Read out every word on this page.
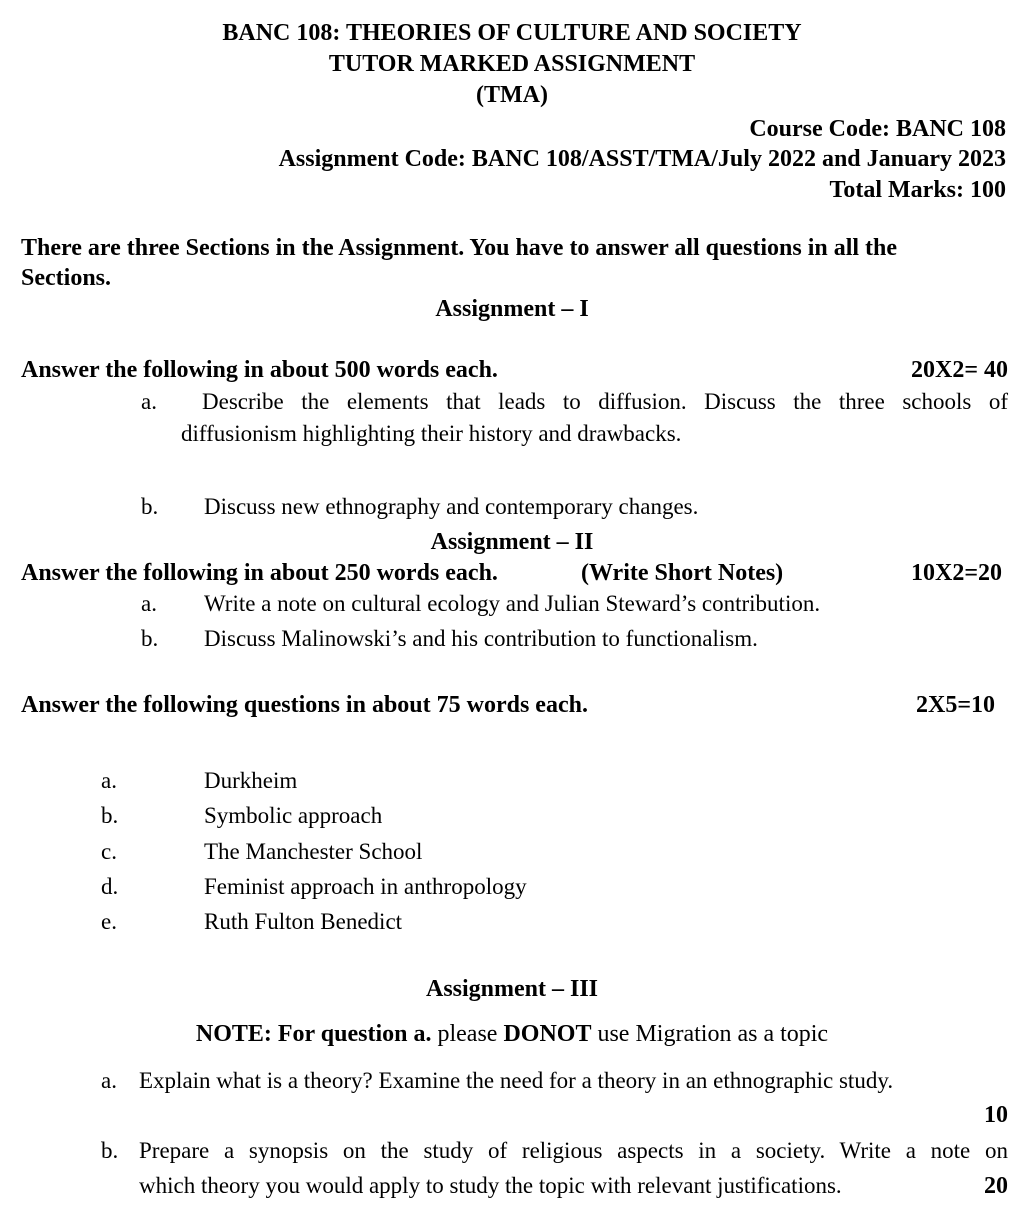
BANC 108: THEORIES OF CULTURE AND SOCIETY
TUTOR MARKED ASSIGNMENT
(TMA)
Course Code: BANC 108
Assignment Code: BANC 108/ASST/TMA/July 2022 and January 2023
Total Marks: 100
There are three Sections in the Assignment. You have to answer all questions in all the
Sections.
Assignment – I
Answer the following in about 500 words each.	20X2= 40
a. Describe the elements that leads to diffusion. Discuss the three schools of
diffusionism highlighting their history and drawbacks.
b. Discuss new ethnography and contemporary changes.
Assignment – II
Answer the following in about 250 words each.	(Write Short Notes)	10X2=20
a. Write a note on cultural ecology and Julian Steward’s contribution.
b. Discuss Malinowski’s and his contribution to functionalism.
Answer the following questions in about 75 words each.	2X5=10
a.	Durkheim
b.	Symbolic approach
c.	The Manchester School
d.	Feminist approach in anthropology
e.	Ruth Fulton Benedict
Assignment – III
NOTE: For question a. please DONOT use Migration as a topic
a. Explain what is a theory? Examine the need for a theory in an ethnographic study.
10
b. Prepare a synopsis on the study of religious aspects in a society. Write a note on
which theory you would apply to study the topic with relevant justifications.	20
